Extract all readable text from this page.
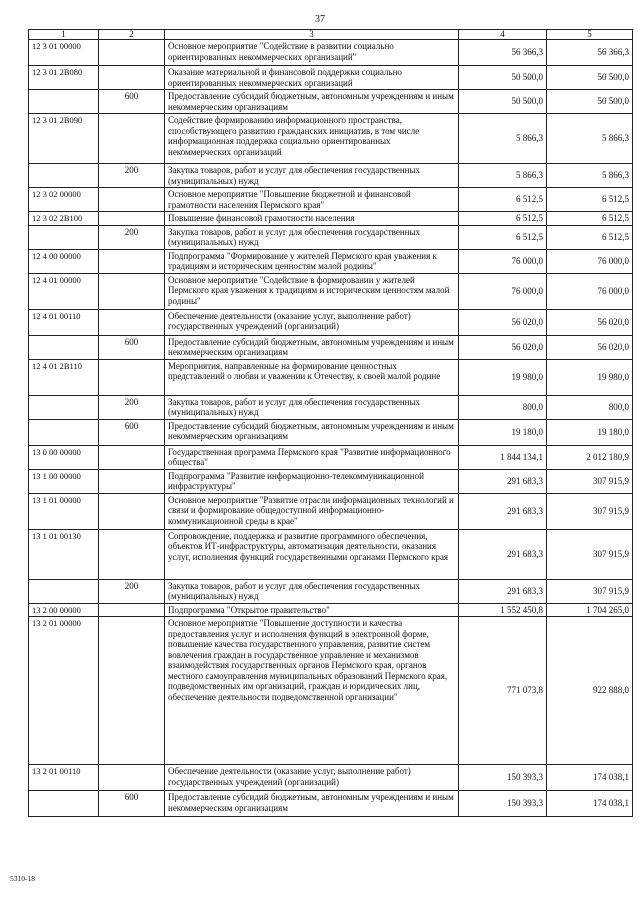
37
1	2	3	4	5
12 3 01 00000		Основное мероприятие "Содействие в развитии социально ориентированных некоммерческих организаций"	56 366,3	56 366,3
12 3 01 2B080		Оказание материальной и финансовой поддержки социально ориентированных некоммерческих организаций	50 500,0	50 500,0
	600	Предоставление субсидий бюджетным, автономным учреждениям и иным некоммерческим организациям	50 500,0	50 500,0
12 3 01 2B090		Содействие формированию информационного пространства, способствующего развитию гражданских инициатив, в том числе информационная поддержка социально ориентированных некоммерческих организаций	5 866,3	5 866,3
	200	Закупка товаров, работ и услуг для обеспечения государственных (муниципальных) нужд	5 866,3	5 866,3
12 3 02 00000		Основное мероприятие "Повышение бюджетной и финансовой грамотности населения Пермского края"	6 512,5	6 512,5
12 3 02 2B100		Повышение финансовой грамотности населения	6 512,5	6 512,5
	200	Закупка товаров, работ и услуг для обеспечения государственных (муниципальных) нужд	6 512,5	6 512,5
12 4 00 00000		Подпрограмма "Формирование у жителей Пермского края уважения к традициям и историческим ценностям малой родины"	76 000,0	76 000,0
12 4 01 00000		Основное мероприятие "Содействие в формировании у жителей Пермского края уважения к традициям и историческим ценностям малой родины"	76 000,0	76 000,0
12 4 01 00110		Обеспечение деятельности (оказание услуг, выполнение работ) государственных учреждений (организаций)	56 020,0	56 020,0
	600	Предоставление субсидий бюджетным, автономным учреждениям и иным некоммерческим организациям	56 020,0	56 020,0
12 4 01 2B110		Мероприятия, направленные на формирование ценностных представлений о любви и уважении к Отечеству, к своей малой родине	19 980,0	19 980,0
	200	Закупка товаров, работ и услуг для обеспечения государственных (муниципальных) нужд	800,0	800,0
	600	Предоставление субсидий бюджетным, автономным учреждениям и иным некоммерческим организациям	19 180,0	19 180,0
13 0 00 00000		Государственная программа Пермского края "Развитие информационного общества"	1 844 134,1	2 012 180,9
13 1 00 00000		Подпрограмма "Развитие информационно-телекоммуникационной инфраструктуры"	291 683,3	307 915,9
13 1 01 00000		Основное мероприятие "Развитие отрасли информационных технологий и связи и формирование общедоступной информационно-коммуникационной среды в крае"	291 683,3	307 915,9
13 1 01 00130		Сопровождение, поддержка и развитие программного обеспечения, объектов ИТ-инфраструктуры, автоматизация деятельности, оказания услуг, исполнения функций государственными органами Пермского края	291 683,3	307 915,9
	200	Закупка товаров, работ и услуг для обеспечения государственных (муниципальных) нужд	291 683,3	307 915,9
13 2 00 00000		Подпрограмма "Открытое правительство"	1 552 450,8	1 704 265,0
13 2 01 00000		Основное мероприятие "Повышение доступности и качества предоставления услуг и исполнения функций в электронной форме, повышение качества государственного управления, развитие систем вовлечения граждан в государственное управление и механизмов взаимодействия государственных органов Пермского края, органов местного самоуправления муниципальных образований Пермского края, подведомственных им организаций, граждан и юридических лиц, обеспечение деятельности подведомственной организации"	771 073,8	922 888,0
13 2 01 00110		Обеспечение деятельности (оказание услуг, выполнение работ) государственных учреждений (организаций)	150 393,3	174 038,1
	600	Предоставление субсидий бюджетным, автономным учреждениям и иным некоммерческим организациям	150 393,3	174 038,1
5310-18
